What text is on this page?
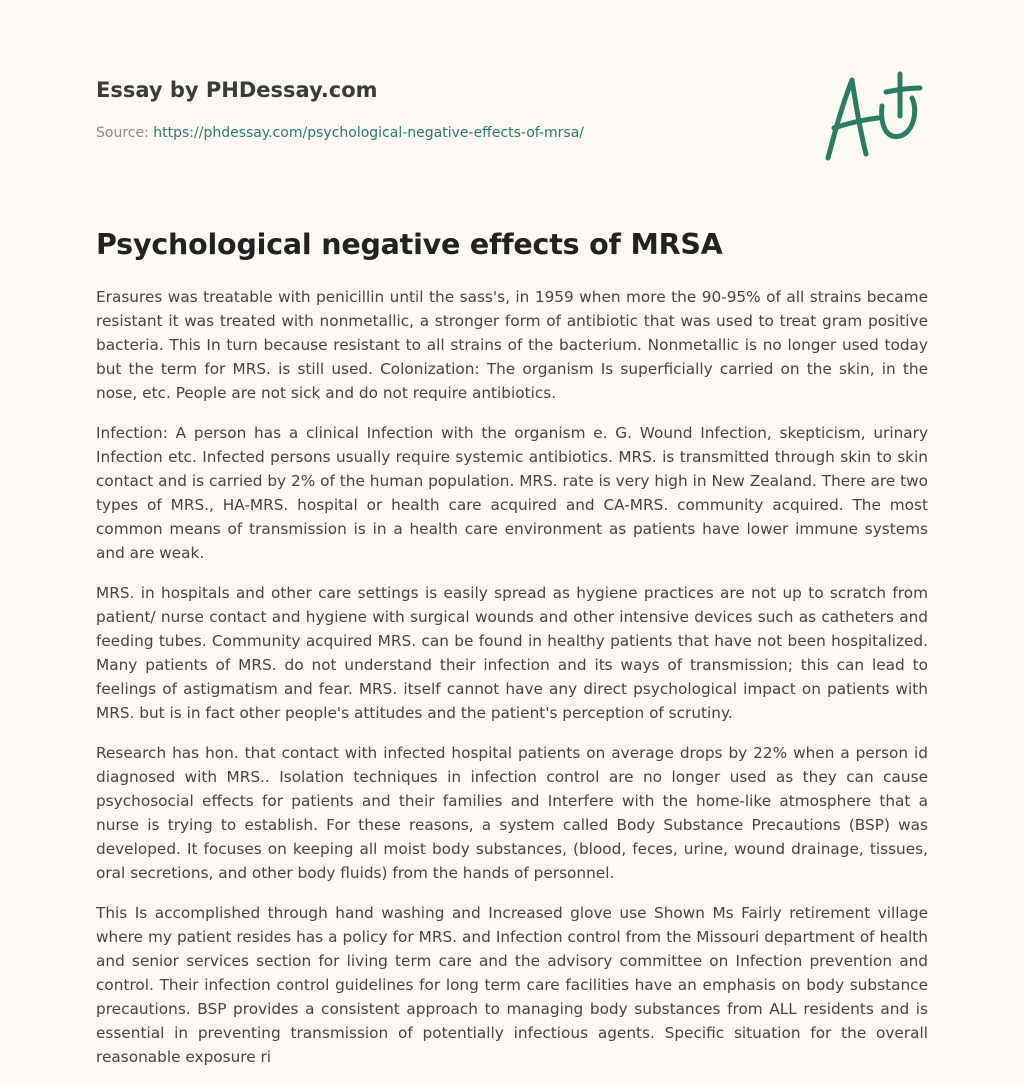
Essay by PHDessay.com
Source: https://phdessay.com/psychological-negative-effects-of-mrsa/
Psychological negative effects of MRSA

Erasures was treatable with penicillin until the sass's, in 1959 when more the 90-95% of all strains became resistant it was treated with nonmetallic, a stronger form of antibiotic that was used to treat gram positive bacteria. This In turn because resistant to all strains of the bacterium. Nonmetallic is no longer used today but the term for MRS. is still used. Colonization: The organism Is superficially carried on the skin, in the nose, etc. People are not sick and do not require antibiotics.

Infection: A person has a clinical Infection with the organism e. G. Wound Infection, skepticism, urinary Infection etc. Infected persons usually require systemic antibiotics. MRS. is transmitted through skin to skin contact and is carried by 2% of the human population. MRS. rate is very high in New Zealand. There are two types of MRS., HA-MRS. hospital or health care acquired and CA-MRS. community acquired. The most common means of transmission is in a health care environment as patients have lower immune systems and are weak.

MRS. in hospitals and other care settings is easily spread as hygiene practices are not up to scratch from patient/ nurse contact and hygiene with surgical wounds and other intensive devices such as catheters and feeding tubes. Community acquired MRS. can be found in healthy patients that have not been hospitalized. Many patients of MRS. do not understand their infection and its ways of transmission; this can lead to feelings of astigmatism and fear. MRS. itself cannot have any direct psychological impact on patients with MRS. but is in fact other people's attitudes and the patient's perception of scrutiny.

Research has hon. that contact with infected hospital patients on average drops by 22% when a person id diagnosed with MRS.. Isolation techniques in infection control are no longer used as they can cause psychosocial effects for patients and their families and Interfere with the home-like atmosphere that a nurse is trying to establish. For these reasons, a system called Body Substance Precautions (BSP) was developed. It focuses on keeping all moist body substances, (blood, feces, urine, wound drainage, tissues, oral secretions, and other body fluids) from the hands of personnel.

This Is accomplished through hand washing and Increased glove use Shown Ms Fairly retirement village where my patient resides has a policy for MRS. and Infection control from the Missouri department of health and senior services section for living term care and the advisory committee on Infection prevention and control. Their infection control guidelines for long term care facilities have an emphasis on body substance precautions. BSP provides a consistent approach to managing body substances from ALL residents and is essential in preventing transmission of potentially infectious agents. Specific situation for the overall reasonable exposure ri
